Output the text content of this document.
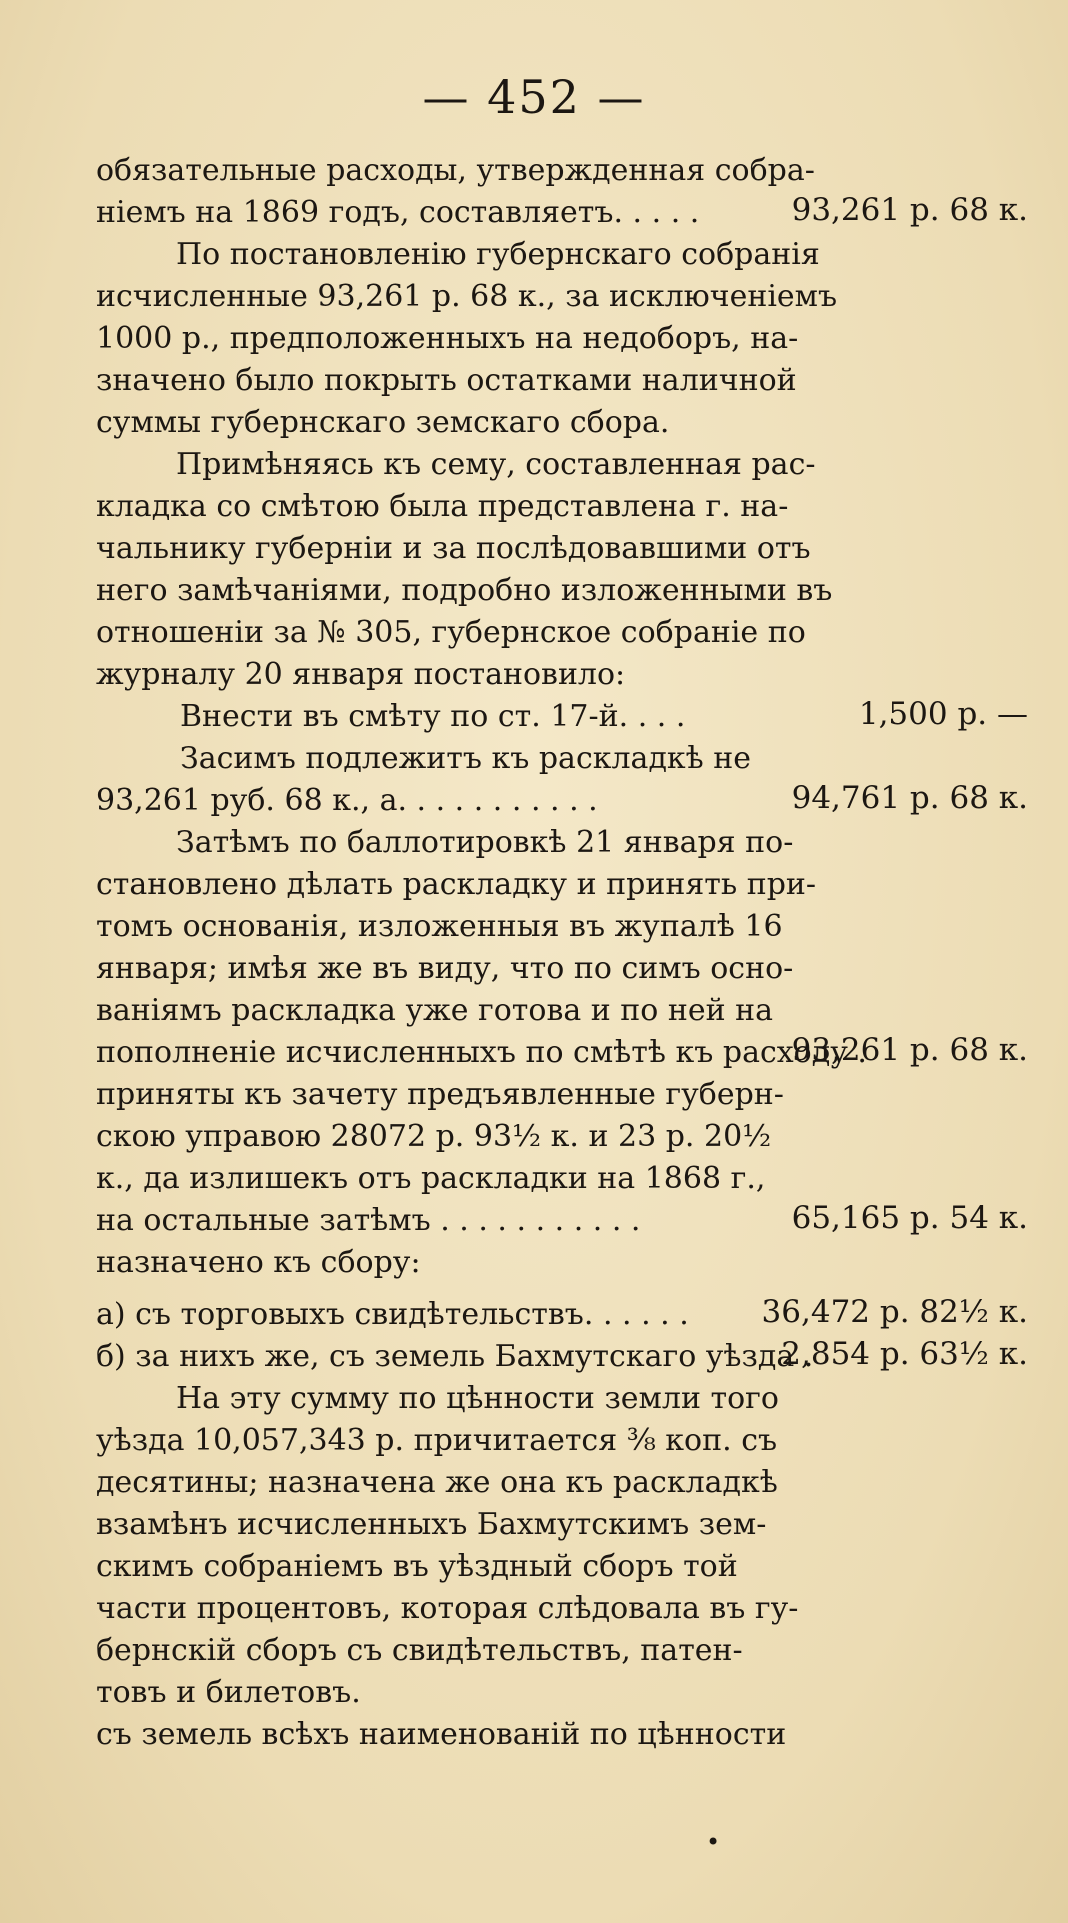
— 452 —
обязательные расходы, утвержденная собра-
ніемъ на 1869 годъ, составляетъ. . . . .
По постановленію губернскаго собранія
исчисленные 93,261 р. 68 к., за исключеніемъ
1000 р., предположенныхъ на недоборъ, на-
значено было покрыть остатками наличной
суммы губернскаго земскаго сбора.
Примѣняясь къ сему, составленная рас-
кладка со смѣтою была представлена г. на-
чальнику губерніи и за послѣдовавшими отъ
него замѣчаніями, подробно изложенными въ
отношеніи за № 305, губернское собраніе по
журналу 20 января постановило:
Внести въ смѣту по ст. 17-й. . . .
Засимъ подлежитъ къ раскладкѣ не
93,261 руб. 68 к., а. . . . . . . . . . .
Затѣмъ по баллотировкѣ 21 января по-
становлено дѣлать раскладку и принять при-
томъ основанія, изложенныя въ жупалѣ 16
января; имѣя же въ виду, что по симъ осно-
ваніямъ раскладка уже готова и по ней на
пополненіе исчисленныхъ по смѣтѣ къ расходу .
приняты къ зачету предъявленные губерн-
скою управою 28072 р. 93½ к. и 23 р. 20½
к., да излишекъ отъ раскладки на 1868 г.,
на остальные затѣмъ . . . . . . . . . . .
назначено къ сбору:
а) съ торговыхъ свидѣтельствъ. . . . . .
б) за нихъ же, съ земель Бахмутскаго уѣзда .
На эту сумму по цѣнности земли того
уѣзда 10,057,343 р. причитается ⅜ коп. съ
десятины; назначена же она къ раскладкѣ
взамѣнъ исчисленныхъ Бахмутскимъ зем-
скимъ собраніемъ въ уѣздный сборъ той
части процентовъ, которая слѣдовала въ гу-
бернскій сборъ съ свидѣтельствъ, патен-
товъ и билетовъ.
съ земель всѣхъ наименованій по цѣнности
93,261 р. 68 к.
1,500 р. —
94,761 р. 68 к.
93,261 р. 68 к.
65,165 р. 54 к.
36,472 р. 82½ к.
2,854 р. 63½ к.
•
